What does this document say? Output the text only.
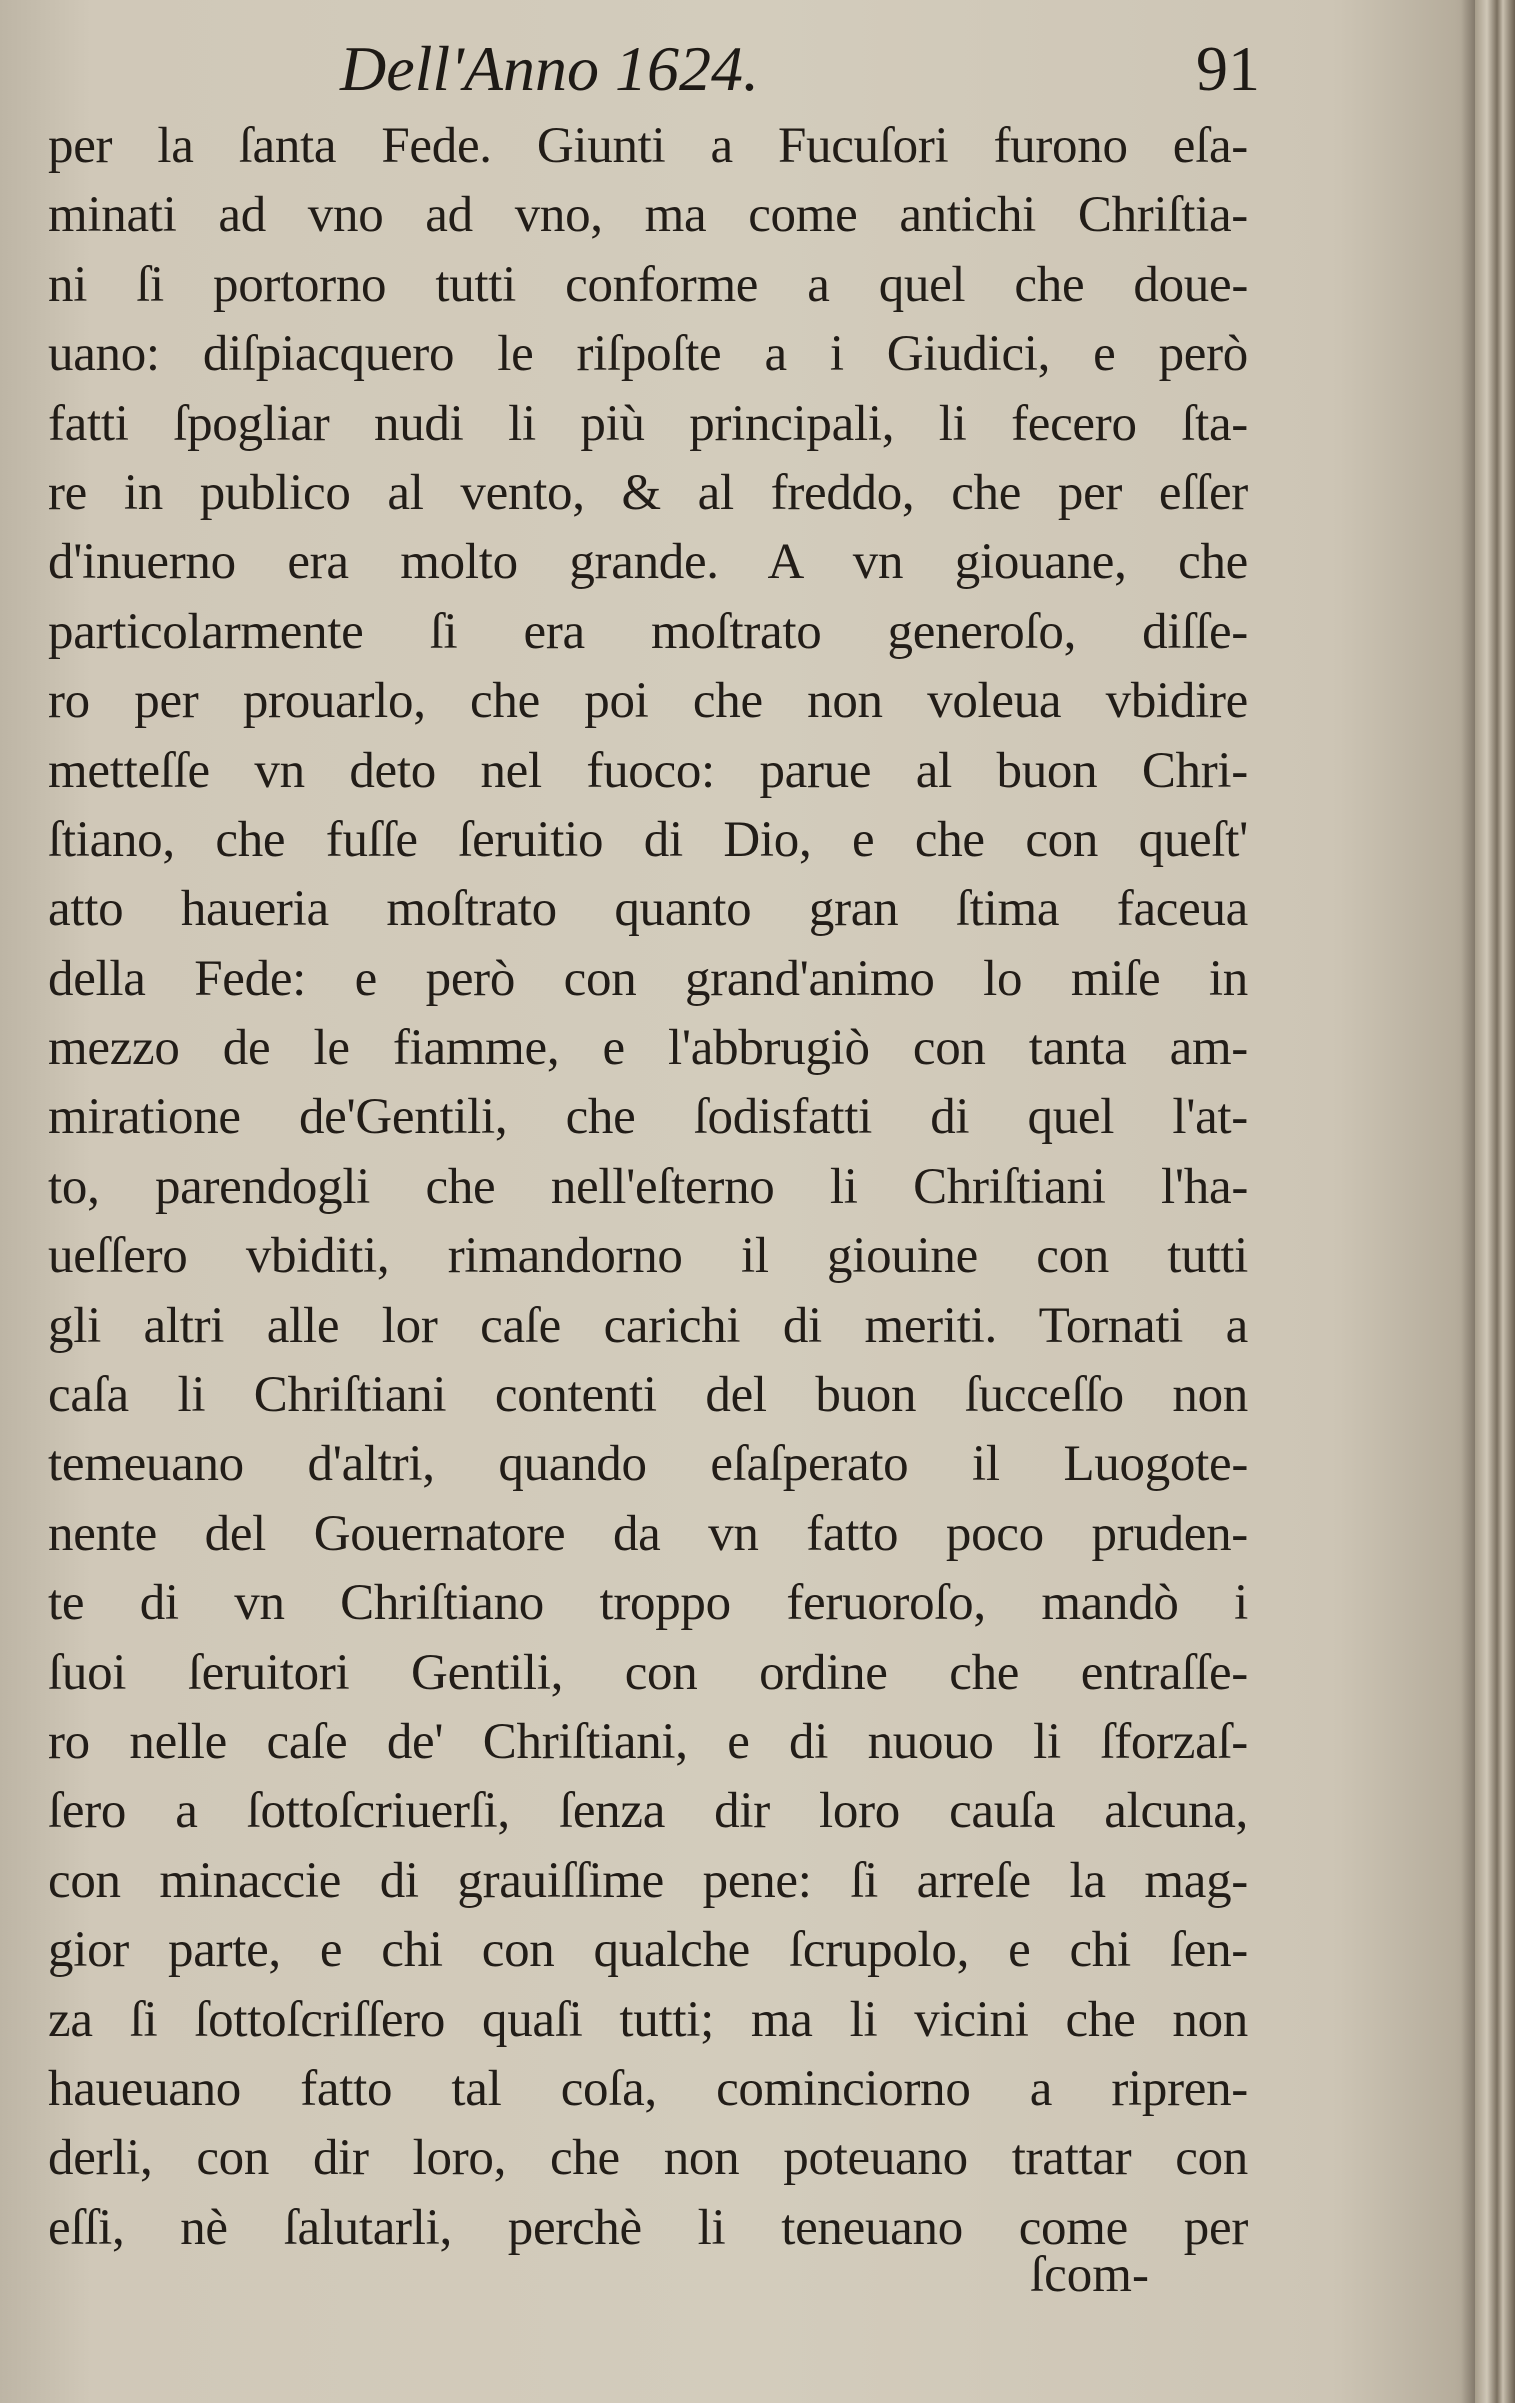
Dell'Anno 1624.	91
per la ſanta Fede. Giunti a Fucuſori furono eſa-
minati ad vno ad vno, ma come antichi Chriſtia-
ni ſi portorno tutti conforme a quel che doue-
uano: diſpiacquero le riſpoſte a i Giudici, e però
fatti ſpogliar nudi li più principali, li fecero ſta-
re in publico al vento, & al freddo, che per eſſer
d'inuerno era molto grande. A vn giouane, che
particolarmente ſi era moſtrato generoſo, diſſe-
ro per prouarlo, che poi che non voleua vbidire
metteſſe vn deto nel fuoco: parue al buon Chri-
ſtiano, che fuſſe ſeruitio di Dio, e che con queſt'
atto haueria moſtrato quanto gran ſtima faceua
della Fede: e però con grand'animo lo miſe in
mezzo de le fiamme, e l'abbrugiò con tanta am-
miratione de'Gentili, che ſodisfatti di quel l'at-
to, parendogli che nell'eſterno li Chriſtiani l'ha-
ueſſero vbiditi, rimandorno il giouine con tutti
gli altri alle lor caſe carichi di meriti. Tornati a
caſa li Chriſtiani contenti del buon ſucceſſo non
temeuano d'altri, quando eſaſperato il Luogote-
nente del Gouernatore da vn fatto poco pruden-
te di vn Chriſtiano troppo feruoroſo, mandò i
ſuoi ſeruitori Gentili, con ordine che entraſſe-
ro nelle caſe de' Chriſtiani, e di nuouo li ſforzaſ-
ſero a ſottoſcriuerſi, ſenza dir loro cauſa alcuna,
con minaccie di grauiſſime pene: ſi arreſe la mag-
gior parte, e chi con qualche ſcrupolo, e chi ſen-
za ſi ſottoſcriſſero quaſi tutti; ma li vicini che non
haueuano fatto tal coſa, cominciorno a ripren-
derli, con dir loro, che non poteuano trattar con
eſſi, nè ſalutarli, perchè li teneuano come per
ſcom-
